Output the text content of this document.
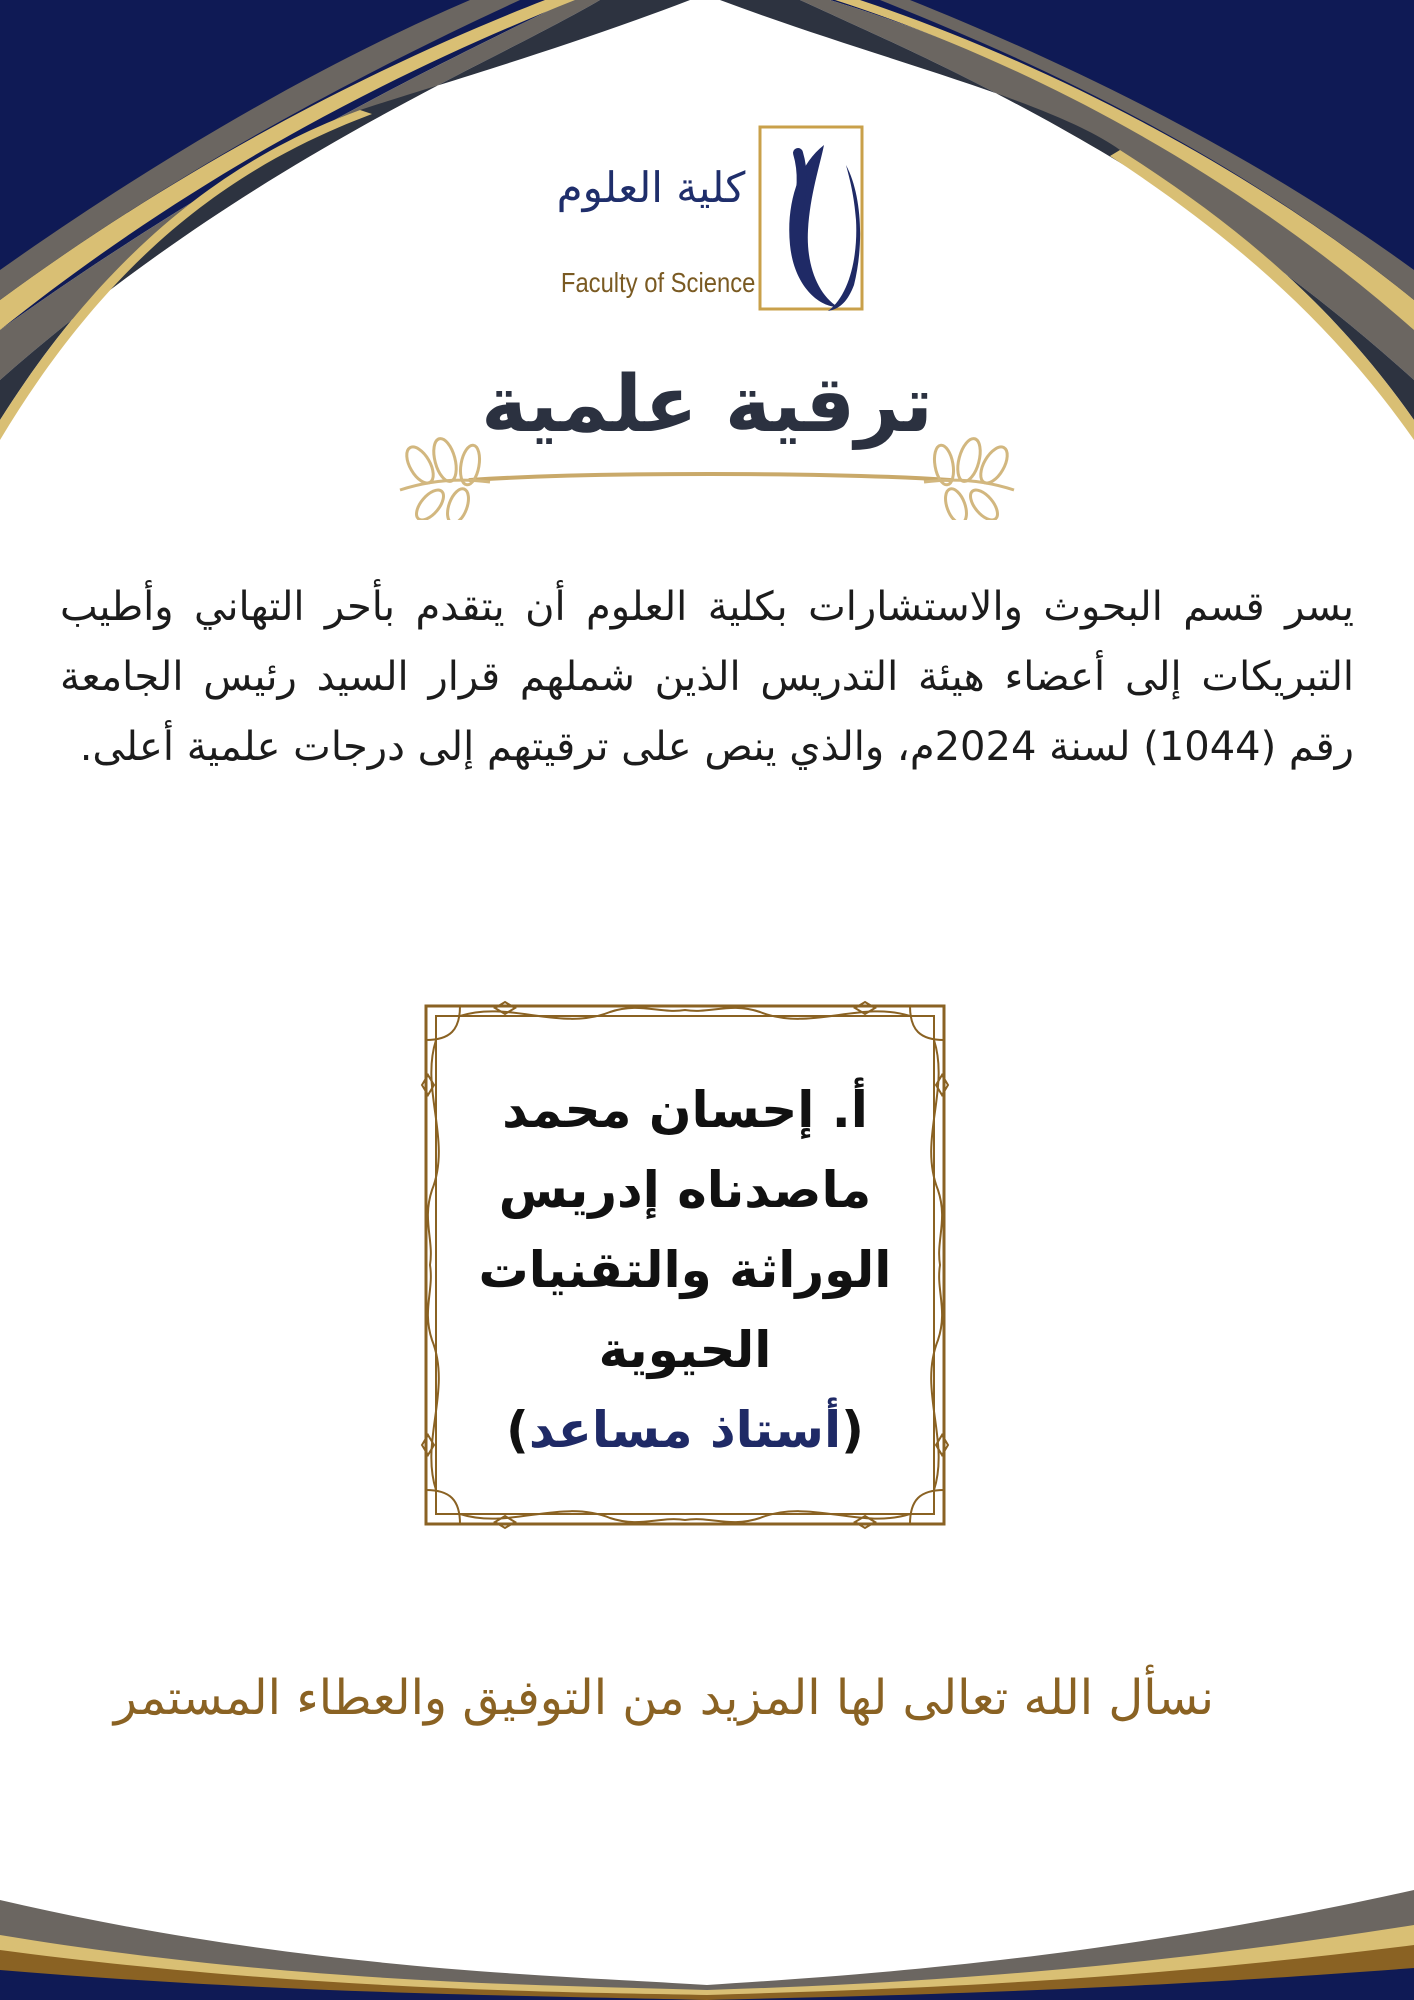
كلية العلوم
Faculty of Science
ترقية علمية
يسر قسم البحوث والاستشارات بكلية العلوم أن يتقدم بأحر التهاني وأطيب التبريكات إلى أعضاء هيئة التدريس الذين شملهم قرار السيد رئيس الجامعة رقم (1044) لسنة 2024م، والذي ينص على ترقيتهم إلى درجات علمية أعلى.
أ. إحسان محمد
ماصدناه إدريس
الوراثة والتقنيات
الحيوية
(أستاذ مساعد)
نسأل الله تعالى لها المزيد من التوفيق والعطاء المستمر
